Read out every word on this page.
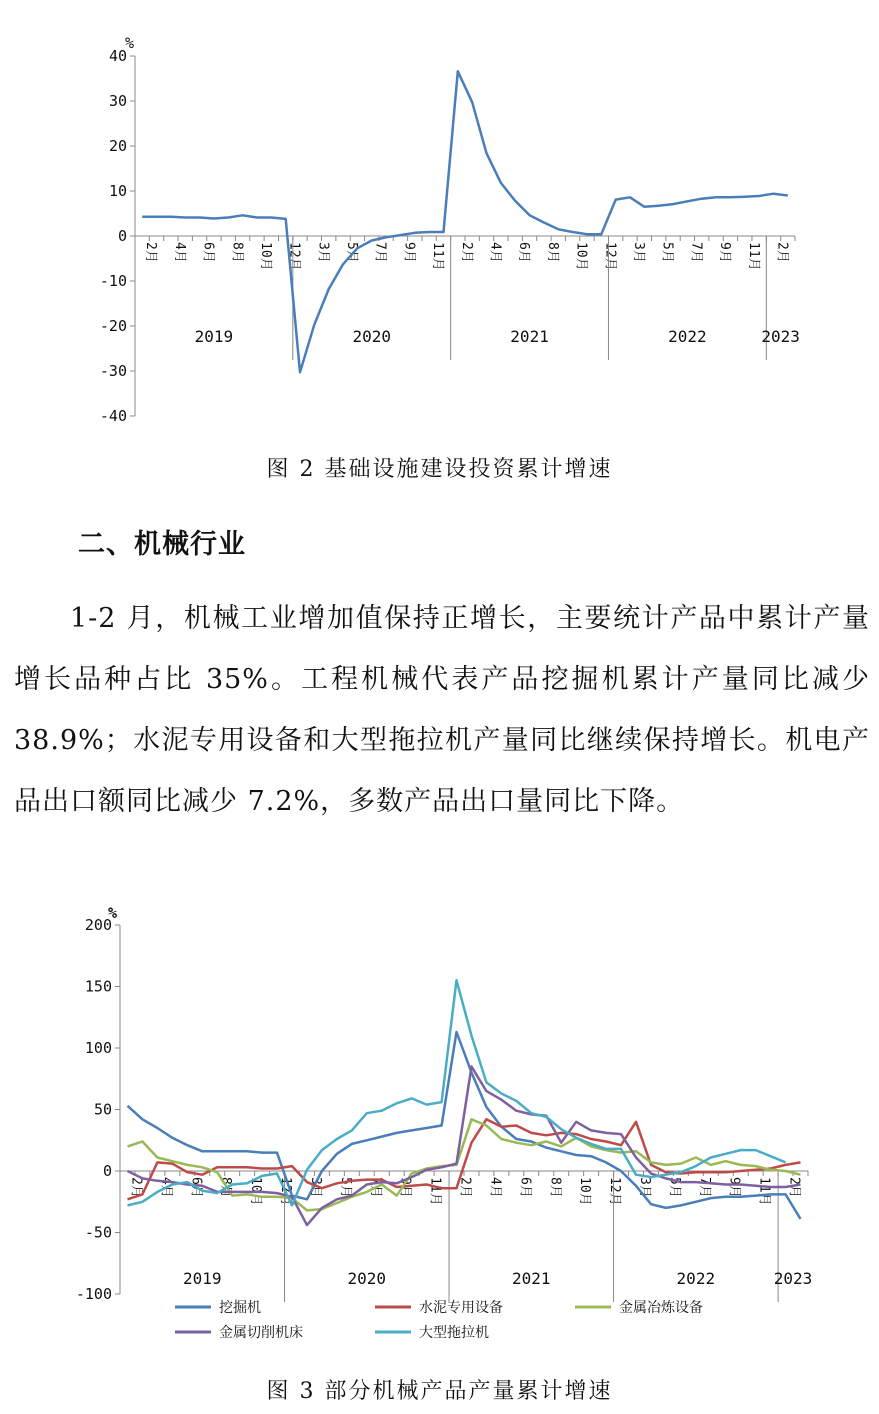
%
40
30
20
10
0
-10
-20
-30
-40
2月 4月 6月 8月 10月 12月 3月 5月 7月 9月 11月 2月 4月 6月 8月 10月 12月 3月 5月 7月 9月 11月 2月
2019	2020	2021	2022	2023
图 2 基础设施建设投资累计增速
二、机械行业
1-2 月，机械工业增加值保持正增长，主要统计产品中累计产量增长品种占比 35%。工程机械代表产品挖掘机累计产量同比减少 38.9%；水泥专用设备和大型拖拉机产量同比继续保持增长。机电产品出口额同比减少 7.2%，多数产品出口量同比下降。
%
200
150
100
50
0
-50
-100
2月 4月 6月 8月 10月 12月 3月 5月 7月 9月 11月 2月 4月 6月 8月 10月 12月 3月 5月 7月 9月 11月 2月
2019	2020	2021	2022	2023
挖掘机	水泥专用设备	金属冶炼设备
金属切削机床	大型拖拉机
图 3 部分机械产品产量累计增速
